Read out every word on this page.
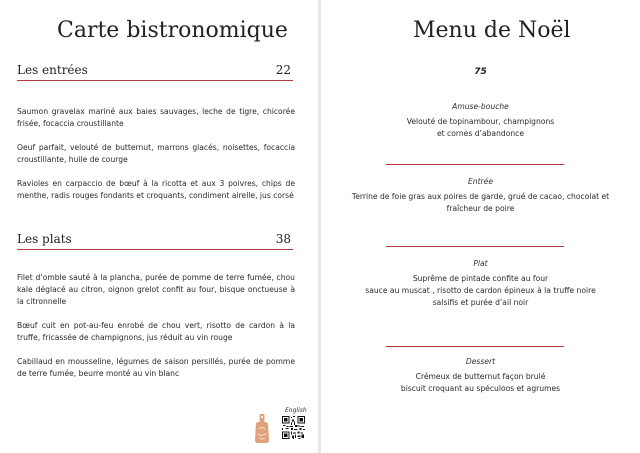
Carte bistronomique
Les entrées	22
Saumon gravelax mariné aux baies sauvages, leche de tigre, chicorée frisée, focaccia croustillante
Oeuf parfait, velouté de butternut, marrons glacés, noisettes, focaccia croustillante, huile de courge
Ravioles en carpaccio de bœuf à la ricotta et aux 3 poivres, chips de menthe, radis rouges fondants et croquants, condiment airelle, jus corsé
Les plats	38
Filet d’omble sauté à la plancha, purée de pomme de terre fumée, chou kale déglacé au citron, oignon grelot confit au four, bisque onctueuse à la citronnelle
Bœuf cuit en pot-au-feu enrobé de chou vert, risotto de cardon à la truffe, fricassée de champignons, jus réduit au vin rouge
Cabillaud en mousseline, légumes de saison persillés, purée de pomme de terre fumée, beurre monté au vin blanc
English
Menu de Noël
75
Amuse-bouche
Velouté de topinambour, champignons
et cornes d’abandonce
Entrée
Terrine de foie gras aux poires de garde, grué de cacao, chocolat et
fraîcheur de poire
Plat
Suprême de pintade confite au four
sauce au muscat , risotto de cardon épineux à la truffe noire
salsifis et purée d’ail noir
Dessert
Crémeux de butternut façon brulé
biscuit croquant au spéculoos et agrumes
